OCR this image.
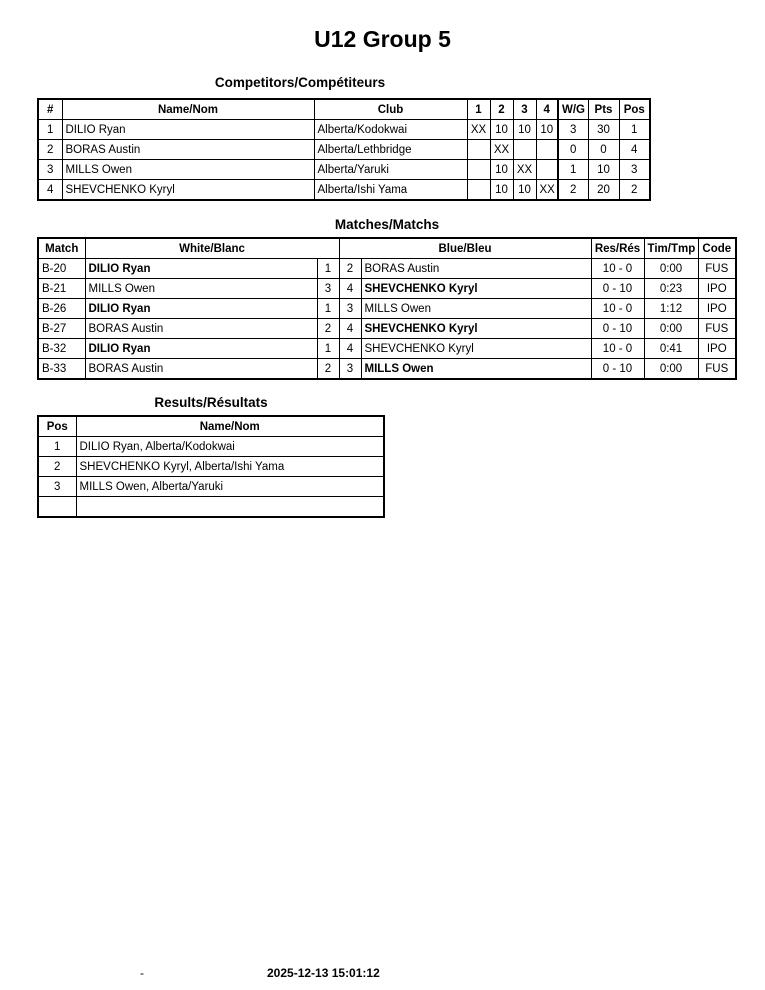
U12 Group 5
Competitors/Compétiteurs
#	Name/Nom	Club	1	2	3	4	W/G	Pts	Pos
1	DILIO Ryan	Alberta/Kodokwai	XX	10	10	10	3	30	1
2	BORAS Austin	Alberta/Lethbridge		XX			0	0	4
3	MILLS Owen	Alberta/Yaruki		10	XX		1	10	3
4	SHEVCHENKO Kyryl	Alberta/Ishi Yama		10	10	XX	2	20	2
Matches/Matchs
Match	White/Blanc		Blue/Bleu		Res/Rés	Tim/Tmp	Code
B-20	DILIO Ryan	1	2	BORAS Austin	10 - 0	0:00	FUS
B-21	MILLS Owen	3	4	SHEVCHENKO Kyryl	0 - 10	0:23	IPO
B-26	DILIO Ryan	1	3	MILLS Owen	10 - 0	1:12	IPO
B-27	BORAS Austin	2	4	SHEVCHENKO Kyryl	0 - 10	0:00	FUS
B-32	DILIO Ryan	1	4	SHEVCHENKO Kyryl	10 - 0	0:41	IPO
B-33	BORAS Austin	2	3	MILLS Owen	0 - 10	0:00	FUS
Results/Résultats
Pos	Name/Nom
1	DILIO Ryan, Alberta/Kodokwai
2	SHEVCHENKO Kyryl, Alberta/Ishi Yama
3	MILLS Owen, Alberta/Yaruki

-	2025-12-13 15:01:12
